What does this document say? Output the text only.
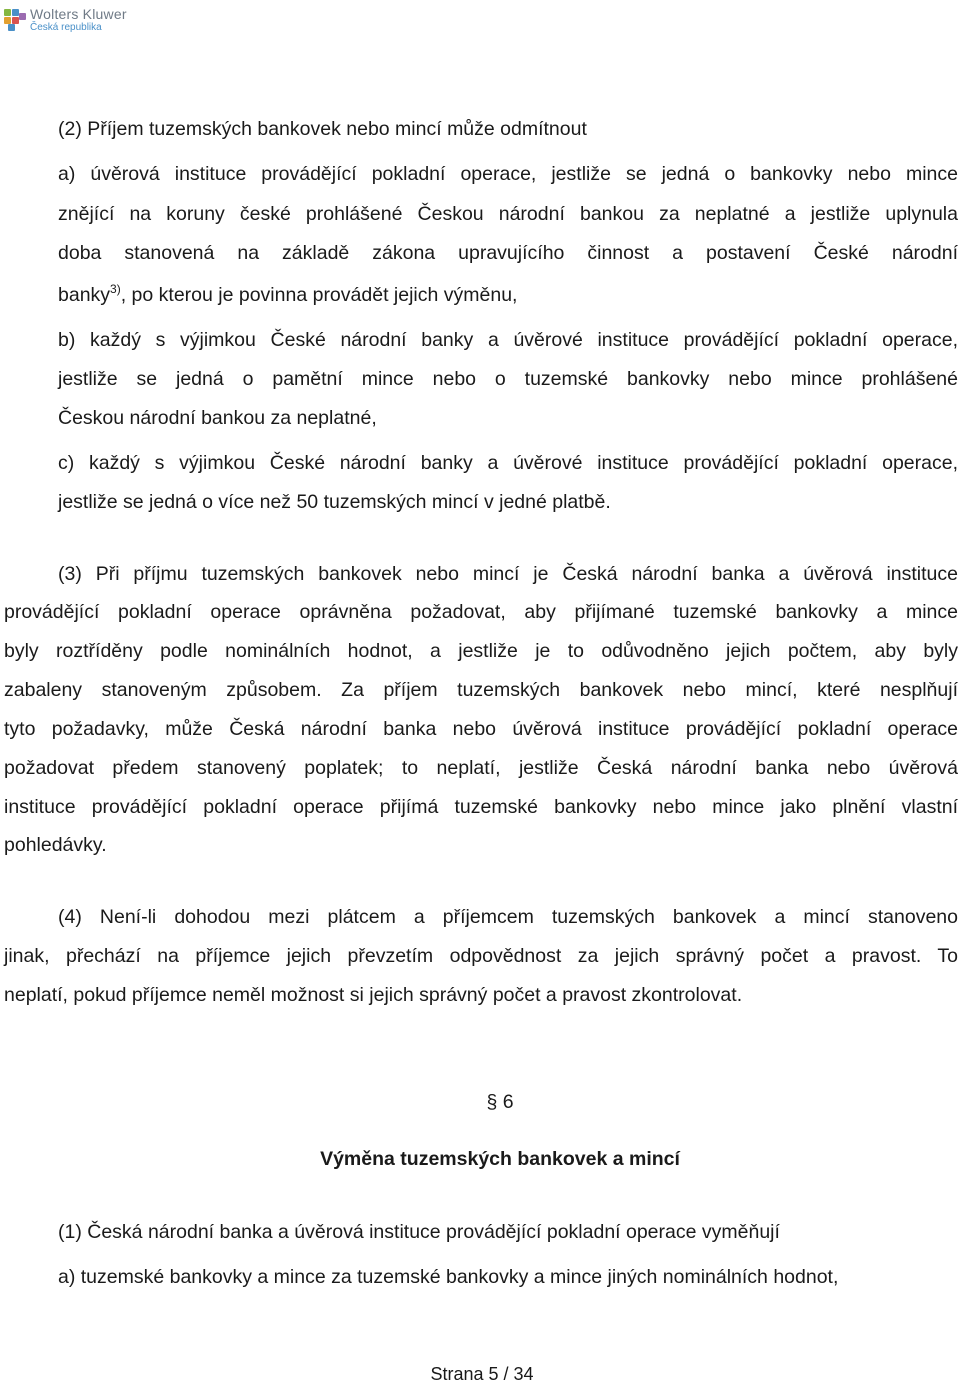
Wolters Kluwer
Česká republika
(2) Příjem tuzemských bankovek nebo mincí může odmítnout
a) úvěrová instituce provádějící pokladní operace, jestliže se jedná o bankovky nebo mince
znějící na koruny české prohlášené Českou národní bankou za neplatné a jestliže uplynula
doba stanovená na základě zákona upravujícího činnost a postavení České národní
banky$^{3)}$, po kterou je povinna provádět jejich výměnu,
b) každý s výjimkou České národní banky a úvěrové instituce provádějící pokladní operace,
jestliže se jedná o pamětní mince nebo o tuzemské bankovky nebo mince prohlášené
Českou národní bankou za neplatné,
c) každý s výjimkou České národní banky a úvěrové instituce provádějící pokladní operace,
jestliže se jedná o více než 50 tuzemských mincí v jedné platbě.
(3) Při příjmu tuzemských bankovek nebo mincí je Česká národní banka a úvěrová instituce
provádějící pokladní operace oprávněna požadovat, aby přijímané tuzemské bankovky a mince
byly roztříděny podle nominálních hodnot, a jestliže je to odůvodněno jejich počtem, aby byly
zabaleny stanoveným způsobem. Za příjem tuzemských bankovek nebo mincí, které nesplňují
tyto požadavky, může Česká národní banka nebo úvěrová instituce provádějící pokladní operace
požadovat předem stanovený poplatek; to neplatí, jestliže Česká národní banka nebo úvěrová
instituce provádějící pokladní operace přijímá tuzemské bankovky nebo mince jako plnění vlastní
pohledávky.
(4) Není-li dohodou mezi plátcem a příjemcem tuzemských bankovek a mincí stanoveno
jinak, přechází na příjemce jejich převzetím odpovědnost za jejich správný počet a pravost. To
neplatí, pokud příjemce neměl možnost si jejich správný počet a pravost zkontrolovat.
§ 6
Výměna tuzemských bankovek a mincí
(1) Česká národní banka a úvěrová instituce provádějící pokladní operace vyměňují
a) tuzemské bankovky a mince za tuzemské bankovky a mince jiných nominálních hodnot,
Strana 5 / 34
